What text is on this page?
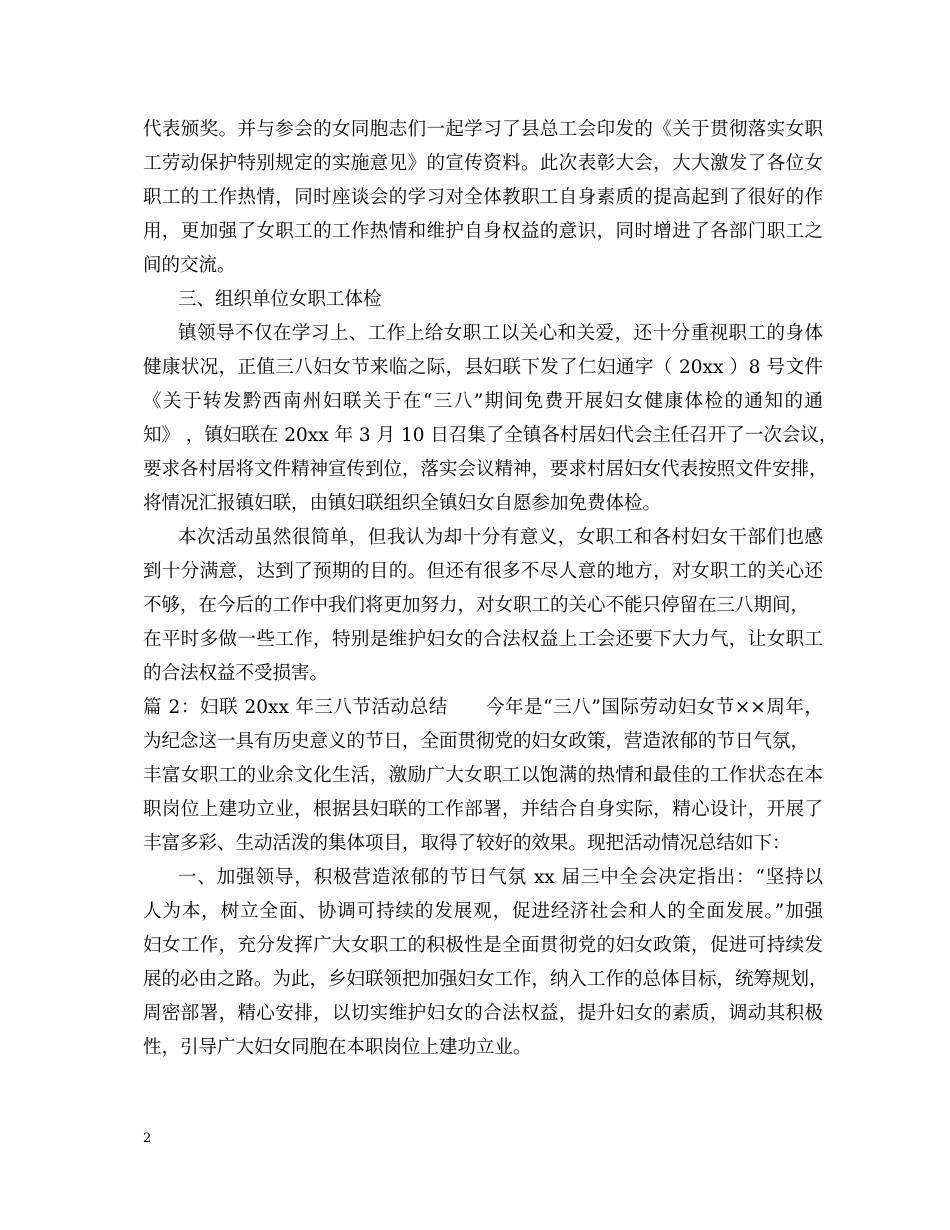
代表颁奖。并与参会的女同胞志们一起学习了县总工会印发的《关于贯彻落实女职
工劳动保护特别规定的实施意见》的宣传资料。此次表彰大会，大大激发了各位女
职工的工作热情，同时座谈会的学习对全体教职工自身素质的提高起到了很好的作
用，更加强了女职工的工作热情和维护自身权益的意识，同时增进了各部门职工之
间的交流。
三、组织单位女职工体检
镇领导不仅在学习上、工作上给女职工以关心和关爱，还十分重视职工的身体
健康状况，正值三八妇女节来临之际，县妇联下发了仁妇通字（ 20xx ）8 号文件
《关于转发黔西南州妇联关于在“三八”期间免费开展妇女健康体检的通知的通
知》 ，镇妇联在 20xx 年 3 月 10 日召集了全镇各村居妇代会主任召开了一次会议，
要求各村居将文件精神宣传到位，落实会议精神，要求村居妇女代表按照文件安排，
将情况汇报镇妇联，由镇妇联组织全镇妇女自愿参加免费体检。
本次活动虽然很简单，但我认为却十分有意义，女职工和各村妇女干部们也感
到十分满意，达到了预期的目的。但还有很多不尽人意的地方，对女职工的关心还
不够，在今后的工作中我们将更加努力，对女职工的关心不能只停留在三八期间，
在平时多做一些工作，特别是维护妇女的合法权益上工会还要下大力气，让女职工
的合法权益不受损害。
篇 2：妇联 20xx 年三八节活动总结　　今年是“三八”国际劳动妇女节××周年，
为纪念这一具有历史意义的节日，全面贯彻党的妇女政策，营造浓郁的节日气氛，
丰富女职工的业余文化生活，激励广大女职工以饱满的热情和最佳的工作状态在本
职岗位上建功立业，根据县妇联的工作部署，并结合自身实际，精心设计，开展了
丰富多彩、生动活泼的集体项目，取得了较好的效果。现把活动情况总结如下：
一、加强领导，积极营造浓郁的节日气氛 xx 届三中全会决定指出：“坚持以
人为本，树立全面、协调可持续的发展观，促进经济社会和人的全面发展。”加强
妇女工作，充分发挥广大女职工的积极性是全面贯彻党的妇女政策，促进可持续发
展的必由之路。为此，乡妇联领把加强妇女工作，纳入工作的总体目标，统筹规划，
周密部署，精心安排，以切实维护妇女的合法权益，提升妇女的素质，调动其积极
性，引导广大妇女同胞在本职岗位上建功立业。
2
